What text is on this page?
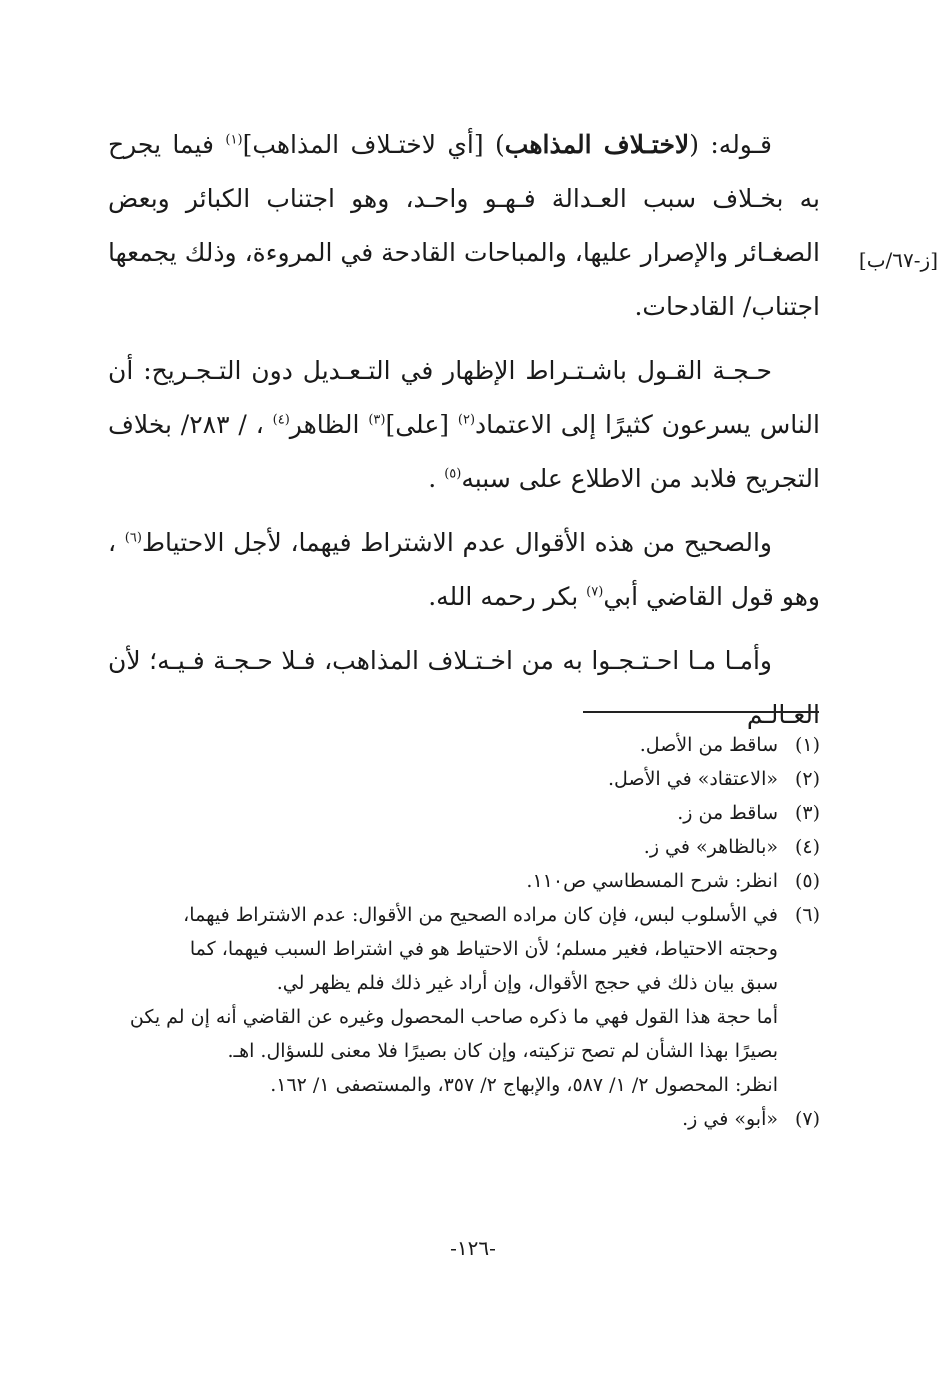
[ز-٦٧/ب]

قـوله: (لاختـلاف المذاهب) [أي لاختـلاف المذاهب]$^{(١)}$ فيما يجرح به بخـلاف سبب العـدالة فـهـو واحـد، وهو اجتناب الكبائر وبعض الصغـائر والإصرار عليها، والمباحات القادحة في المروءة، وذلك يجمعها اجتناب/ القادحات.

حـجـة القـول باشـتـراط الإظهار في التـعـديل دون التـجـريح: أن الناس يسرعون كثيرًا إلى الاعتماد$^{(٢)}$ [على]$^{(٣)}$ الظاهر$^{(٤)}$ ، / ٢٨٣/ بخلاف التجريح فلابد من الاطلاع على سببه$^{(٥)}$ .

والصحيح من هذه الأقوال عدم الاشتراط فيهما، لأجل الاحتياط$^{(٦)}$ ، وهو قول القاضي أبي$^{(٧)}$ بكر رحمه الله.

وأمـا مـا احـتـجـوا به من اخـتـلاف المذاهب، فـلا حـجـة فـيـه؛ لأن العـالـم

(١)
ساقط من الأصل.
(٢)
«الاعتقاد» في الأصل.
(٣)
ساقط من ز.
(٤)
«بالظاهر» في ز.
(٥)
انظر: شرح المسطاسي ص١١٠.
(٦)
في الأسلوب لبس، فإن كان مراده الصحيح من الأقوال: عدم الاشتراط فيهما،
وحجته الاحتياط، فغير مسلم؛ لأن الاحتياط هو في اشتراط السبب فيهما، كما
سبق بيان ذلك في حجج الأقوال، وإن أراد غير ذلك فلم يظهر لي.
أما حجة هذا القول فهي ما ذكره صاحب المحصول وغيره عن القاضي أنه إن لم يكن
بصيرًا بهذا الشأن لم تصح تزكيته، وإن كان بصيرًا فلا معنى للسؤال. اهـ.
انظر: المحصول ٢/ ١/ ٥٨٧، والإبهاج ٢/ ٣٥٧، والمستصفى ١/ ١٦٢.
(٧)
«أبو» في ز.
-١٢٦-
